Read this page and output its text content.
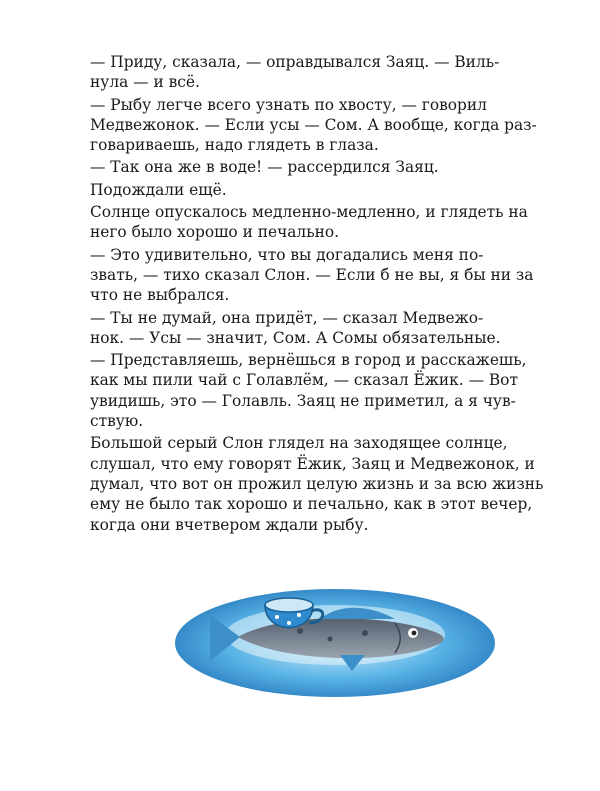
— Приду, сказала, — оправдывался Заяц. — Виль-
нула — и всё.

— Рыбу легче всего узнать по хвосту, — говорил
Медвежонок. — Если усы — Сом. А вообще, когда раз-
говариваешь, надо глядеть в глаза.

— Так она же в воде! — рассердился Заяц.

Подождали ещё.

Солнце опускалось медленно-медленно, и глядеть на
него было хорошо и печально.

— Это удивительно, что вы догадались меня по-
звать, — тихо сказал Слон. — Если б не вы, я бы ни за
что не выбрался.

— Ты не думай, она придёт, — сказал Медвежо-
нок. — Усы — значит, Сом. А Сомы обязательные.

— Представляешь, вернёшься в город и расскажешь,
как мы пили чай с Голавлём, — сказал Ёжик. — Вот
увидишь, это — Голавль. Заяц не приметил, а я чув-
ствую.

Большой серый Слон глядел на заходящее солнце,
слушал, что ему говорят Ёжик, Заяц и Медвежонок, и
думал, что вот он прожил целую жизнь и за всю жизнь
ему не было так хорошо и печально, как в этот вечер,
когда они вчетвером ждали рыбу.
